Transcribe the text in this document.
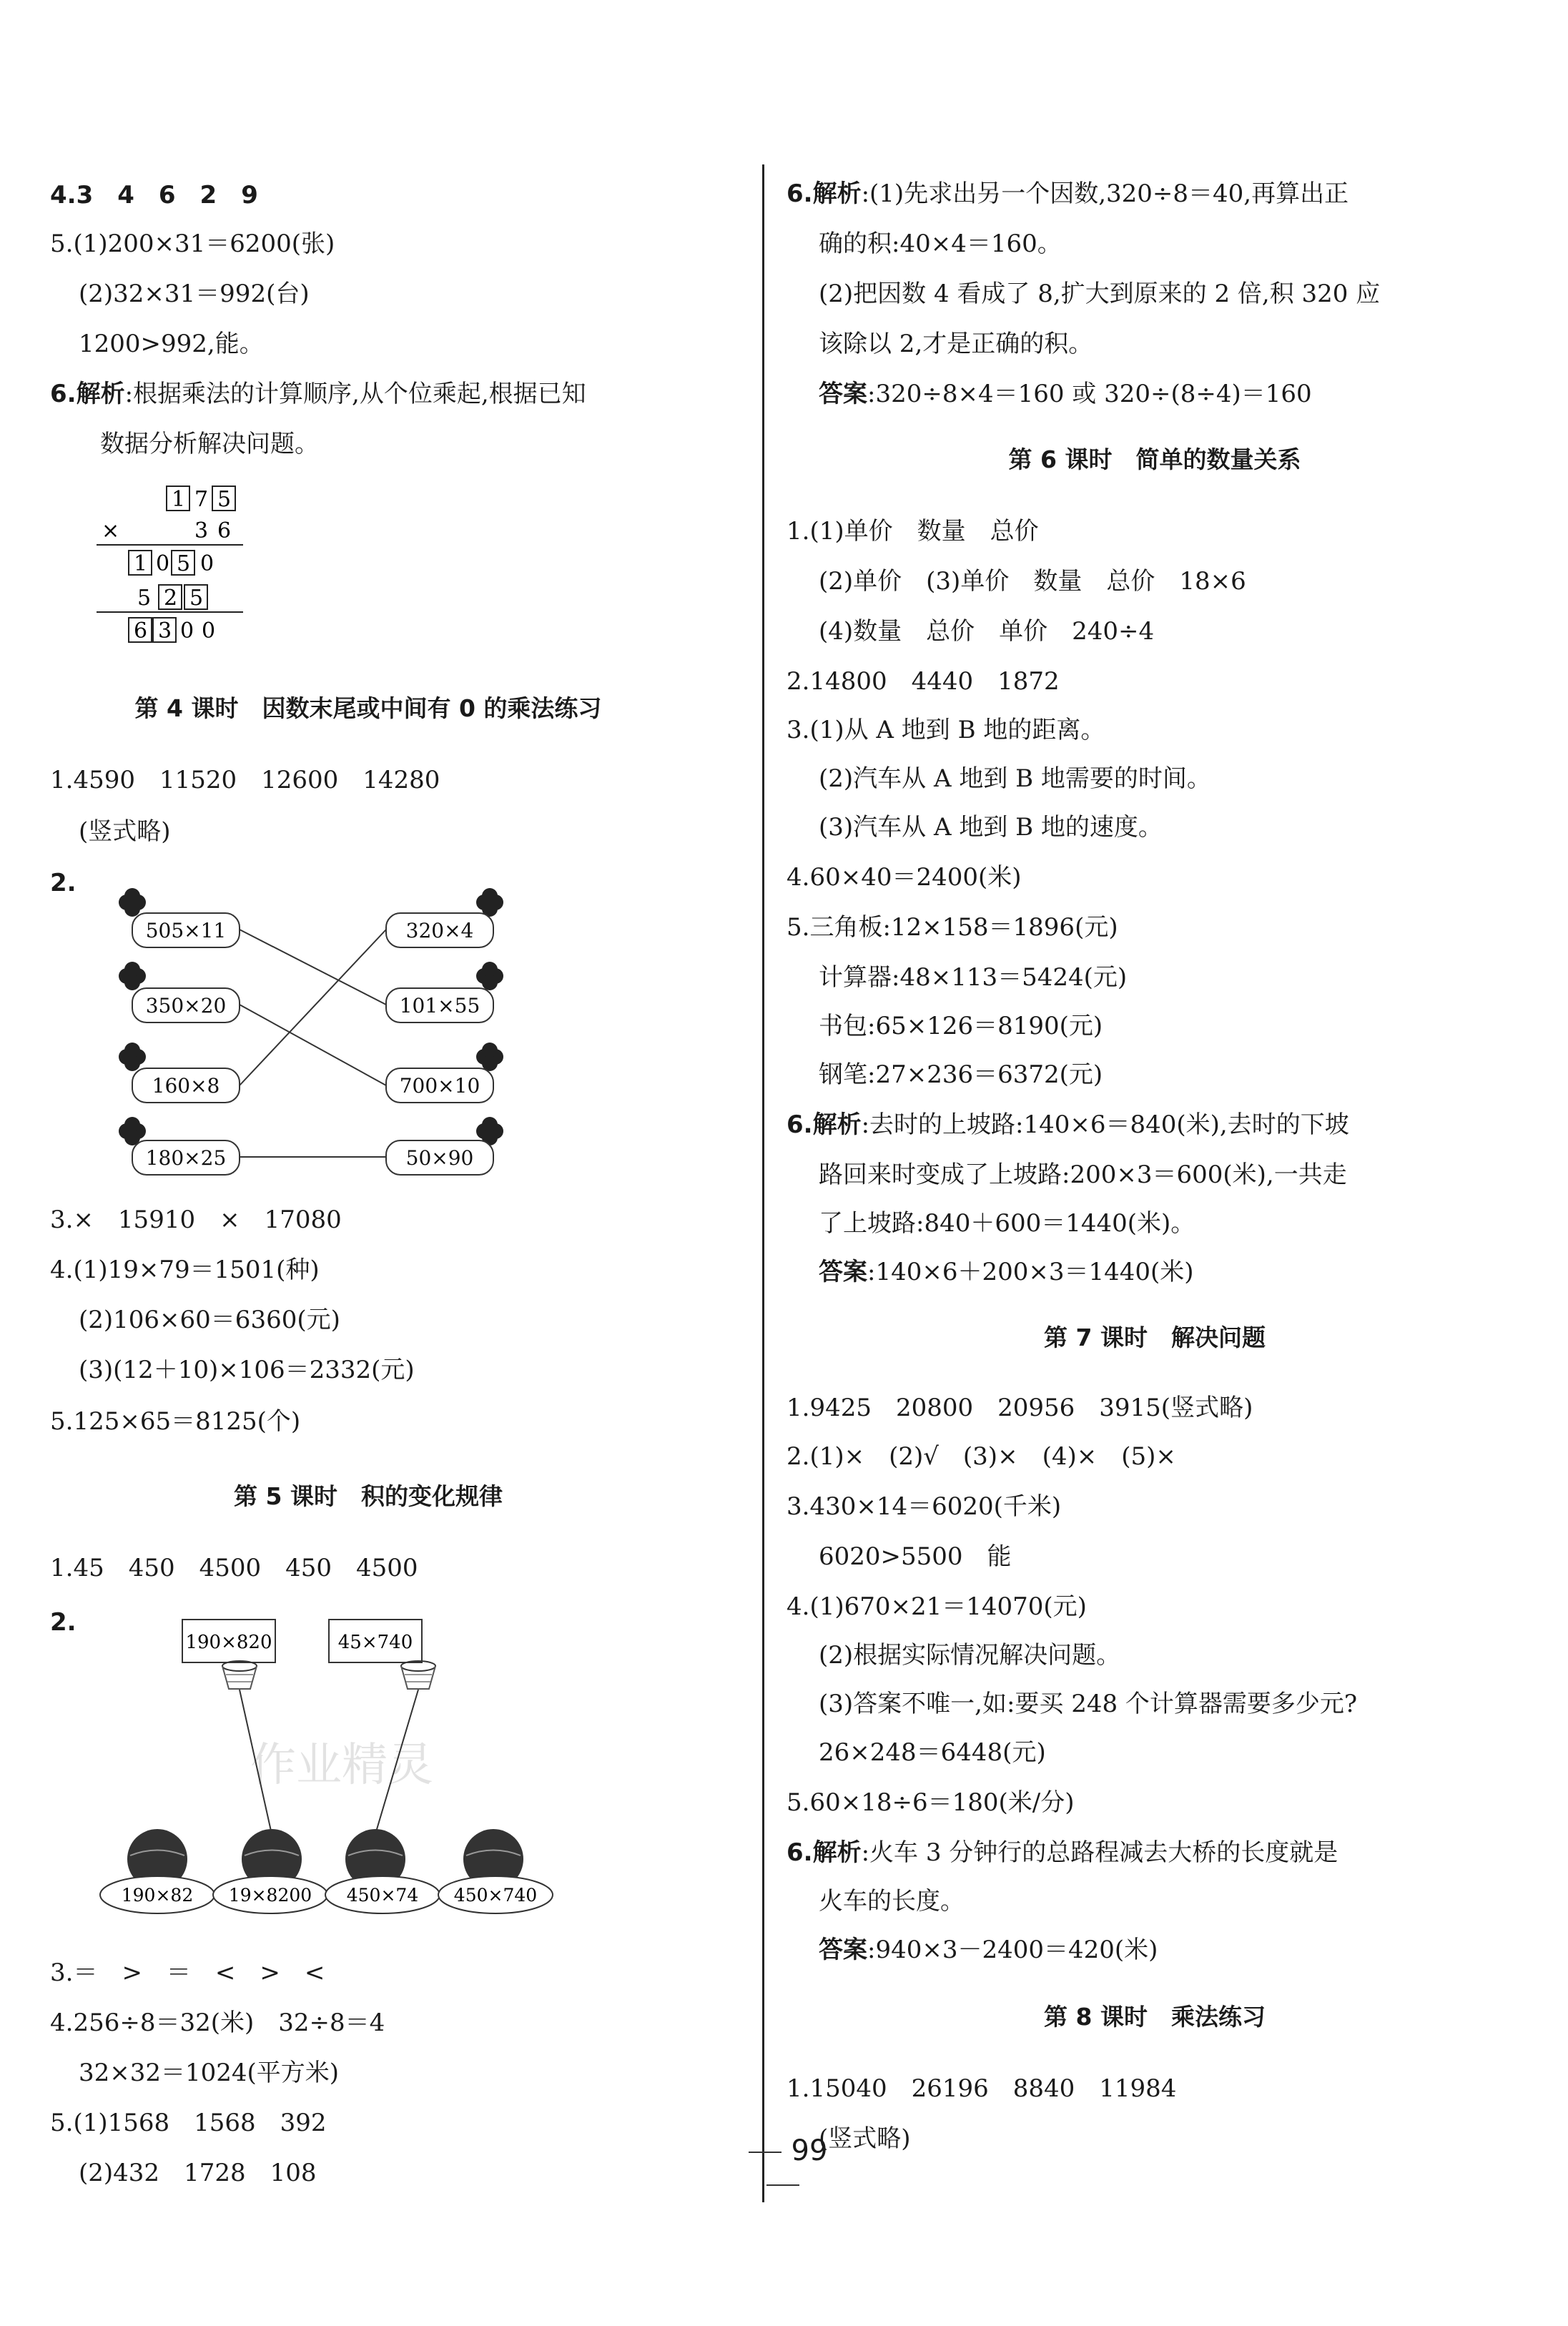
4.3　4　6　2　9
5.(1)200×31＝6200(张)
(2)32×31＝992(台)
1200>992,能。
6.解析:根据乘法的计算顺序,从个位乘起,根据已知
数据分析解决问题。
1 7 5
×	3 6
1 0 5 0
5 2 5
6 3 0 0
第 4 课时　因数末尾或中间有 0 的乘法练习
1.4590　11520　12600　14280
(竖式略)
2.
505×11
350×20
160×8
180×25
320×4
101×55
700×10
50×90
3.×　15910　×　17080
4.(1)19×79＝1501(种)
(2)106×60＝6360(元)
(3)(12＋10)×106＝2332(元)
5.125×65＝8125(个)
第 5 课时　积的变化规律
1.45　450　4500　450　4500
2.
作业精灵
190×820	45×740
190×82 19×8200 450×74 450×740
3.＝　>　＝　<　>　<
4.256÷8＝32(米)　32÷8＝4
32×32＝1024(平方米)
5.(1)1568　1568　392
(2)432　1728　108
6.解析:(1)先求出另一个因数,320÷8＝40,再算出正
确的积:40×4＝160。
(2)把因数 4 看成了 8,扩大到原来的 2 倍,积 320 应
该除以 2,才是正确的积。
答案:320÷8×4＝160 或 320÷(8÷4)＝160
第 6 课时　简单的数量关系
1.(1)单价　数量　总价
(2)单价　(3)单价　数量　总价　18×6
(4)数量　总价　单价　240÷4
2.14800　4440　1872
3.(1)从 A 地到 B 地的距离。
(2)汽车从 A 地到 B 地需要的时间。
(3)汽车从 A 地到 B 地的速度。
4.60×40＝2400(米)
5.三角板:12×158＝1896(元)
计算器:48×113＝5424(元)
书包:65×126＝8190(元)
钢笔:27×236＝6372(元)
6.解析:去时的上坡路:140×6＝840(米),去时的下坡
路回来时变成了上坡路:200×3＝600(米),一共走
了上坡路:840＋600＝1440(米)。
答案:140×6＋200×3＝1440(米)
第 7 课时　解决问题
1.9425　20800　20956　3915(竖式略)
2.(1)×　(2)√　(3)×　(4)×　(5)×
3.430×14＝6020(千米)
6020>5500　能
4.(1)670×21＝14070(元)
(2)根据实际情况解决问题。
(3)答案不唯一,如:要买 248 个计算器需要多少元?
26×248＝6448(元)
5.60×18÷6＝180(米/分)
6.解析:火车 3 分钟行的总路程减去大桥的长度就是
火车的长度。
答案:940×3－2400＝420(米)
第 8 课时　乘法练习
1.15040　26196　8840　11984
(竖式略)
99
